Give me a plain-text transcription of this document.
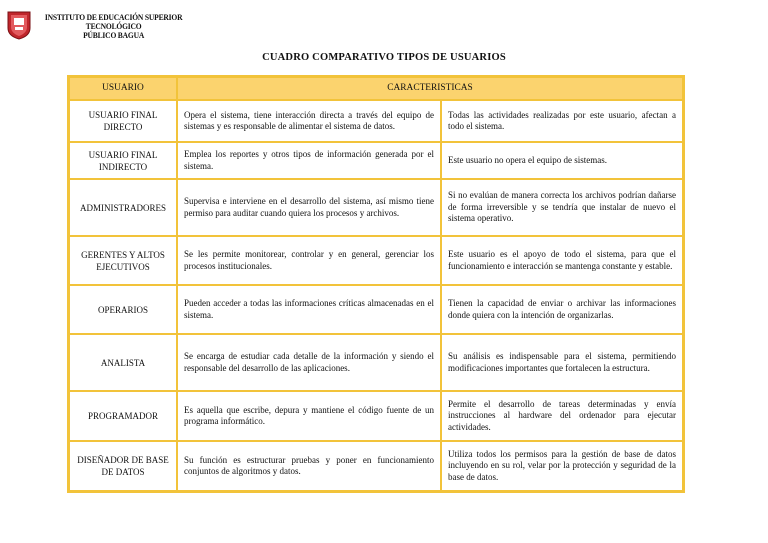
INSTITUTO DE EDUCACIÓN SUPERIOR TECNOLÓGICO
PÚBLICO BAGUA
CUADRO COMPARATIVO TIPOS DE USUARIOS
USUARIO	CARACTERISTICAS	
USUARIO FINAL DIRECTO	Opera el sistema, tiene interacción directa a través del equipo de sistemas y es responsable de alimentar el sistema de datos.	Todas las actividades realizadas por este usuario, afectan a todo el sistema.
USUARIO FINAL INDIRECTO	Emplea los reportes y otros tipos de información generada por el sistema.	Este usuario no opera el equipo de sistemas.
ADMINISTRADORES	Supervisa e interviene en el desarrollo del sistema, así mismo tiene permiso para auditar cuando quiera los procesos y archivos.	Si no evalúan de manera correcta los archivos podrían dañarse de forma irreversible y se tendría que instalar de nuevo el sistema operativo.
GERENTES Y ALTOS EJECUTIVOS	Se les permite monitorear, controlar y en general, gerenciar los procesos institucionales.	Este usuario es el apoyo de todo el sistema, para que el funcionamiento e interacción se mantenga constante y estable.
OPERARIOS	Pueden acceder a todas las informaciones críticas almacenadas en el sistema.	Tienen la capacidad de enviar o archivar las informaciones donde quiera con la intención de organizarlas.
ANALISTA	Se encarga de estudiar cada detalle de la información y siendo el responsable del desarrollo de las aplicaciones.	Su análisis es indispensable para el sistema, permitiendo modificaciones importantes que fortalecen la estructura.
PROGRAMADOR	Es aquella que escribe, depura y mantiene el código fuente de un programa informático.	Permite el desarrollo de tareas determinadas y envía instrucciones al hardware del ordenador para ejecutar actividades.
DISEÑADOR DE BASE DE DATOS	Su función es estructurar pruebas y poner en funcionamiento conjuntos de algoritmos y datos.	Utiliza todos los permisos para la gestión de base de datos incluyendo en su rol, velar por la protección y seguridad de la base de datos.
